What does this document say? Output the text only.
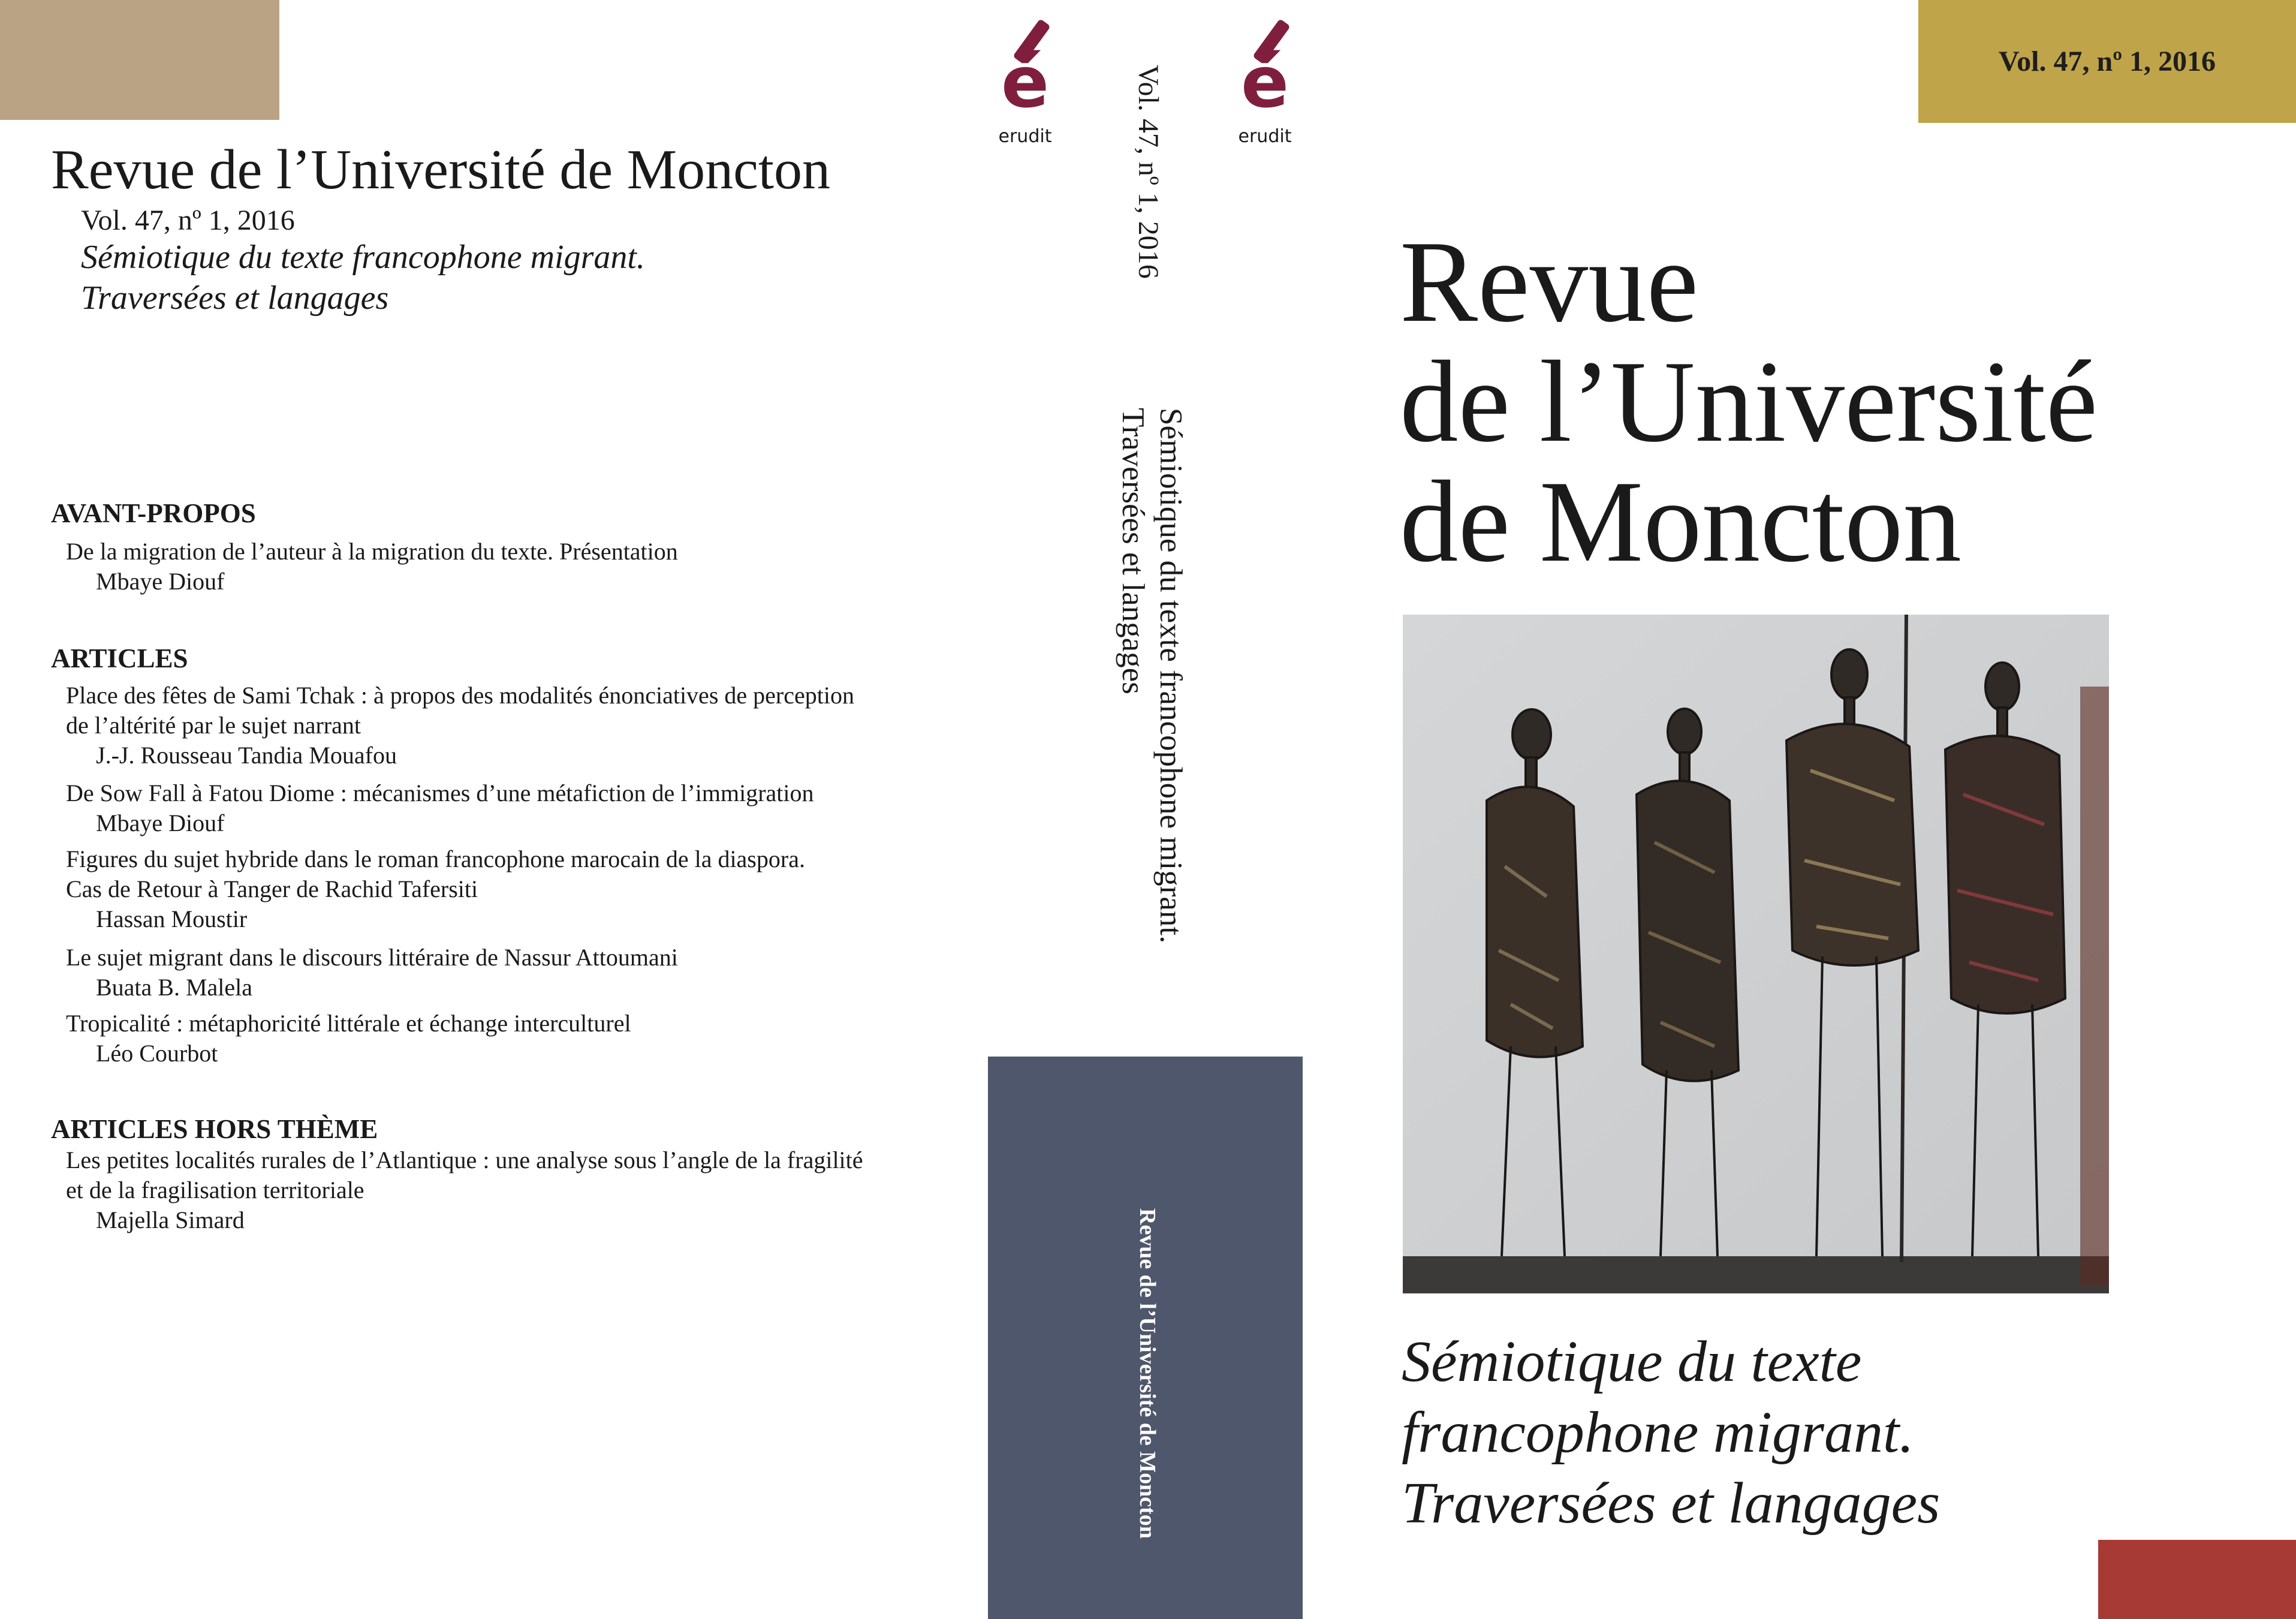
Revue de l’Université de Moncton
Vol. 47, nº 1, 2016
Sémiotique du texte francophone migrant.
Traversées et langages
AVANT-PROPOS
De la migration de l’auteur à la migration du texte. Présentation
Mbaye Diouf
ARTICLES
Place des fêtes de Sami Tchak : à propos des modalités énonciatives de perception
de l’altérité par le sujet narrant
J.-J. Rousseau Tandia Mouafou
De Sow Fall à Fatou Diome : mécanismes d’une métafiction de l’immigration
Mbaye Diouf
Figures du sujet hybride dans le roman francophone marocain de la diaspora.
Cas de Retour à Tanger de Rachid Tafersiti
Hassan Moustir
Le sujet migrant dans le discours littéraire de Nassur Attoumani
Buata B. Malela
Tropicalité : métaphoricité littérale et échange interculturel
Léo Courbot
ARTICLES HORS THÈME
Les petites localités rurales de l’Atlantique : une analyse sous l’angle de la fragilité
et de la fragilisation territoriale
Majella Simard
é
erudit
é
erudit
Vol. 47, nº 1, 2016
Sémiotique du texte francophone migrant.
Traversées et langages
Revue de l’Université de Moncton
Vol. 47, nº 1, 2016
Revue
de l’Université
de Moncton
Sémiotique du texte
francophone migrant.
Traversées et langages
